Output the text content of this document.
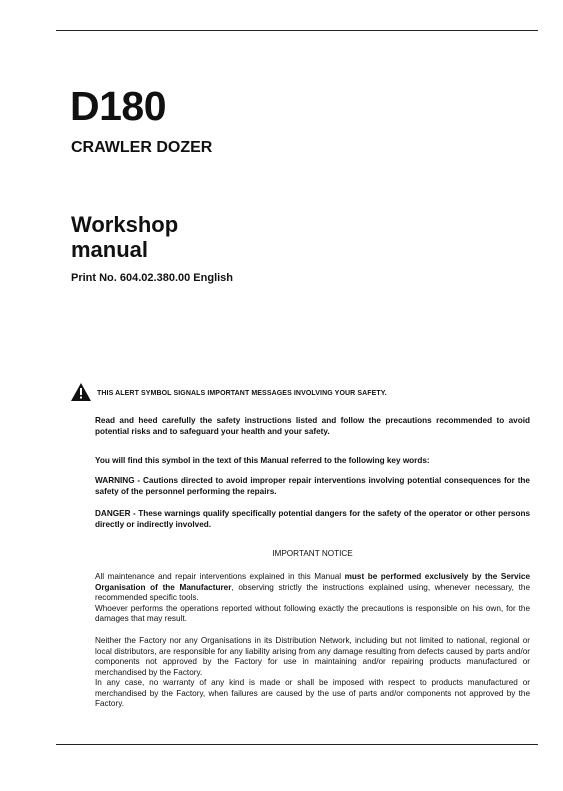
D180
CRAWLER DOZER
Workshop
manual
Print No. 604.02.380.00 English
THIS ALERT SYMBOL SIGNALS IMPORTANT MESSAGES INVOLVING YOUR SAFETY.
Read and heed carefully the safety instructions listed and follow the precautions recommended to avoid potential risks and to safeguard your health and your safety.
You will find this symbol in the text of this Manual referred to the following key words:
WARNING - Cautions directed to avoid improper repair interventions involving potential consequences for the safety of the personnel performing the repairs.
DANGER - These warnings qualify specifically potential dangers for the safety of the operator or other persons directly or indirectly involved.
IMPORTANT NOTICE
All maintenance and repair interventions explained in this Manual must be performed exclusively by the Service Organisation of the Manufacturer, observing strictly the instructions explained using, whenever necessary, the recommended specific tools.
Whoever performs the operations reported without following exactly the precautions is responsible on his own, for the damages that may result.
Neither the Factory nor any Organisations in its Distribution Network, including but not limited to national, regional or local distributors, are responsible for any liability arising from any damage resulting from defects caused by parts and/or components not approved by the Factory for use in maintaining and/or repairing products manufactured or merchandised by the Factory.
In any case, no warranty of any kind is made or shall be imposed with respect to products manufactured or merchandised by the Factory, when failures are caused by the use of parts and/or components not approved by the Factory.
